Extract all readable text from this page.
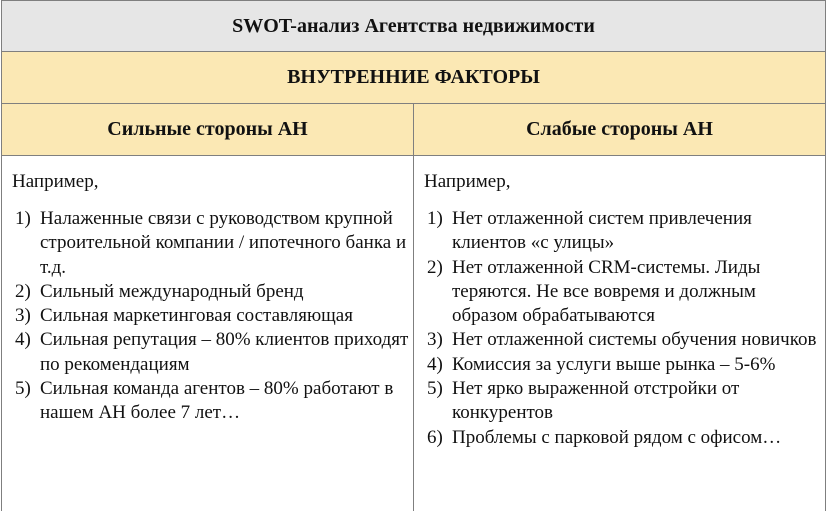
SWOT-анализ Агентства недвижимости
ВНУТРЕННИЕ ФАКТОРЫ
Сильные стороны АН	Слабые стороны АН
Например,
1) Налаженные связи с руководством крупной строительной компании / ипотечного банка и т.д.
2) Сильный международный бренд
3) Сильная маркетинговая составляющая
4) Сильная репутация – 80% клиентов приходят по рекомендациям
5) Сильная команда агентов – 80% работают в нашем АН более 7 лет…
Например,
1) Нет отлаженной систем привлечения клиентов «с улицы»
2) Нет отлаженной CRM-системы. Лиды теряются. Не все вовремя и должным образом обрабатываются
3) Нет отлаженной системы обучения новичков
4) Комиссия за услуги выше рынка – 5-6%
5) Нет ярко выраженной отстройки от конкурентов
6) Проблемы с парковой рядом с офисом…
